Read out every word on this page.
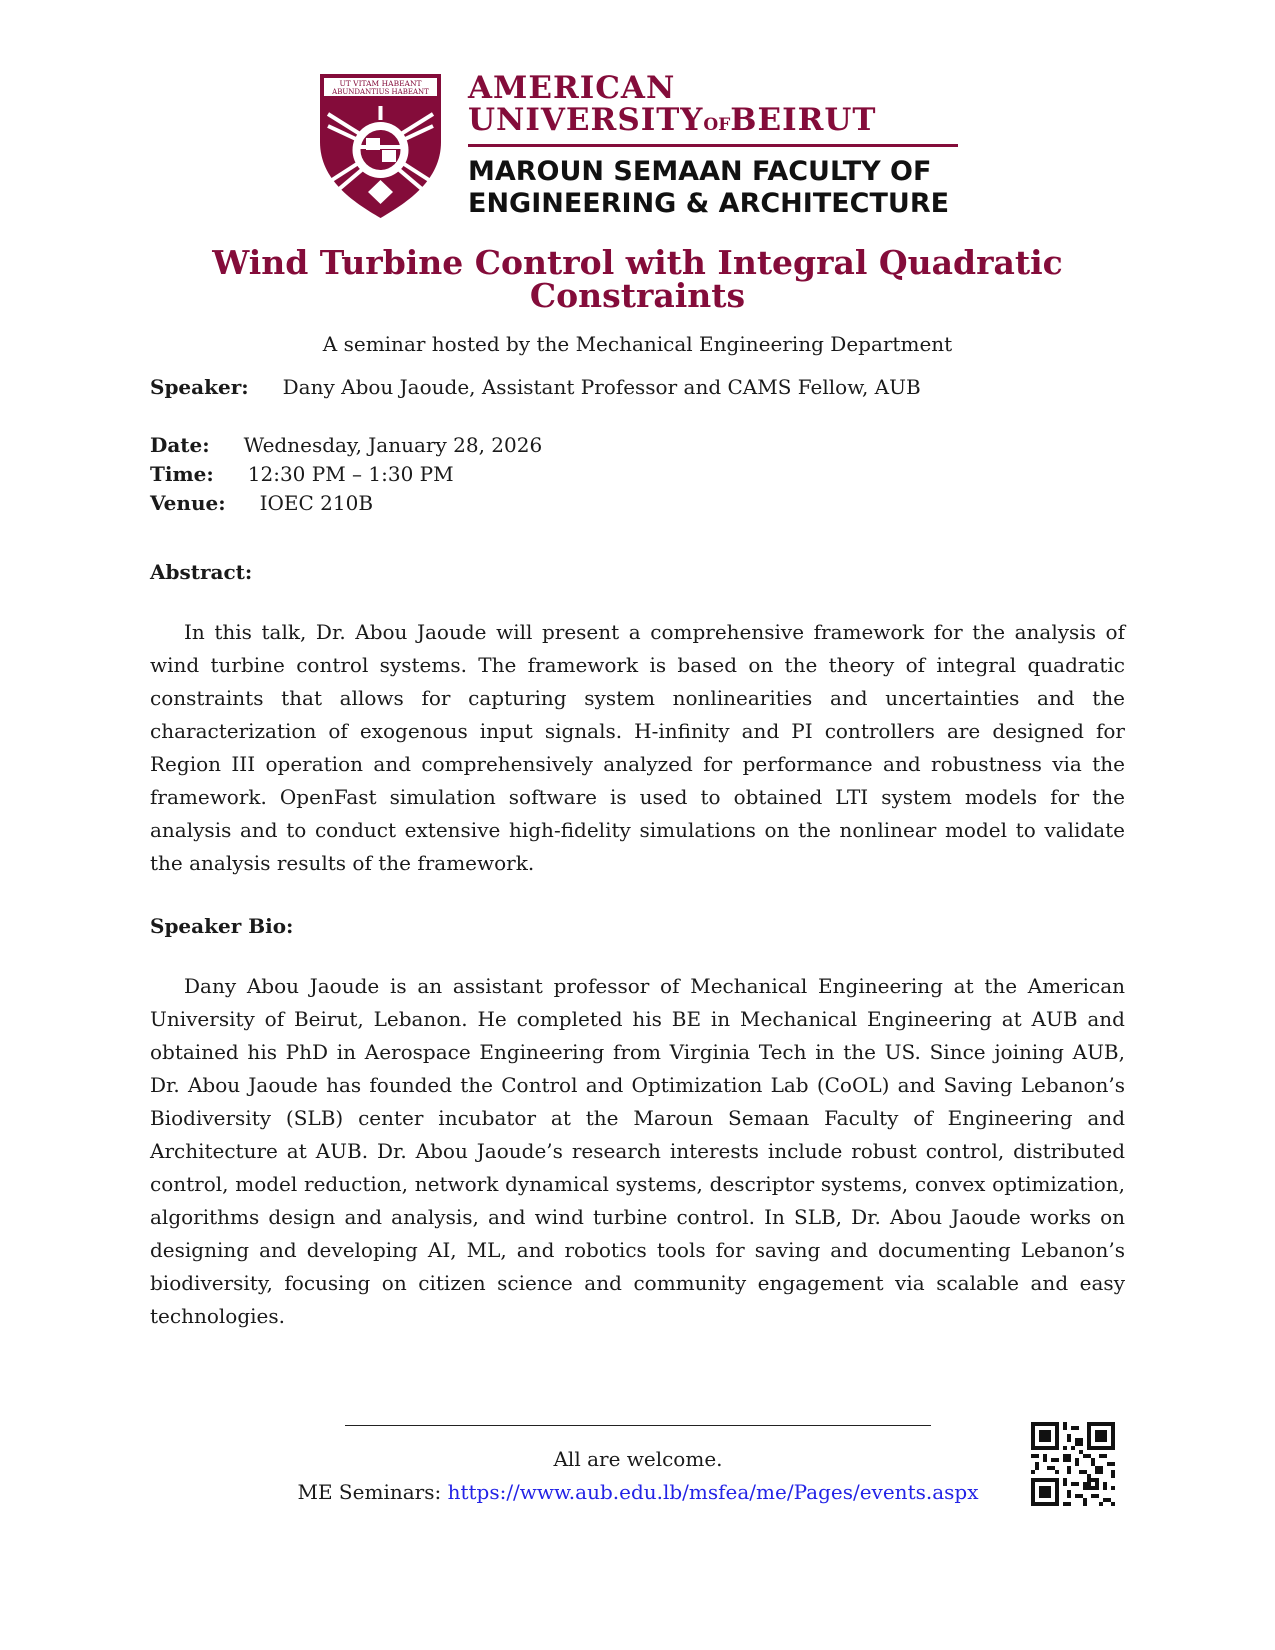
UT VITAM HABEANT
ABUNDANTIUS HABEANT AMERICAN
UNIVERSITYOFBEIRUT
MAROUN SEMAAN FACULTY OF
ENGINEERING & ARCHITECTURE
Wind Turbine Control with Integral Quadratic Constraints
A seminar hosted by the Mechanical Engineering Department
Speaker: Dany Abou Jaoude, Assistant Professor and CAMS Fellow, AUB
Date: Wednesday, January 28, 2026
Time: 12:30 PM – 1:30 PM
Venue: IOEC 210B
Abstract:
In this talk, Dr. Abou Jaoude will present a comprehensive framework for the analysis of wind turbine control systems. The framework is based on the theory of integral quadratic constraints that allows for capturing system nonlinearities and uncertainties and the characterization of exogenous input signals. H-infinity and PI controllers are designed for Region III operation and comprehensively analyzed for performance and robustness via the framework. OpenFast simulation software is used to obtained LTI system models for the analysis and to conduct extensive high-fidelity simulations on the nonlinear model to validate the analysis results of the framework.
Speaker Bio:
Dany Abou Jaoude is an assistant professor of Mechanical Engineering at the American University of Beirut, Lebanon. He completed his BE in Mechanical Engineering at AUB and obtained his PhD in Aerospace Engineering from Virginia Tech in the US. Since joining AUB, Dr. Abou Jaoude has founded the Control and Optimization Lab (CoOL) and Saving Lebanon’s Biodiversity (SLB) center incubator at the Maroun Semaan Faculty of Engineering and Architecture at AUB. Dr. Abou Jaoude’s research interests include robust control, distributed control, model reduction, network dynamical systems, descriptor systems, convex optimization, algorithms design and analysis, and wind turbine control. In SLB, Dr. Abou Jaoude works on designing and developing AI, ML, and robotics tools for saving and documenting Lebanon’s biodiversity, focusing on citizen science and community engagement via scalable and easy technologies.
All are welcome.
ME Seminars: https://www.aub.edu.lb/msfea/me/Pages/events.aspx
